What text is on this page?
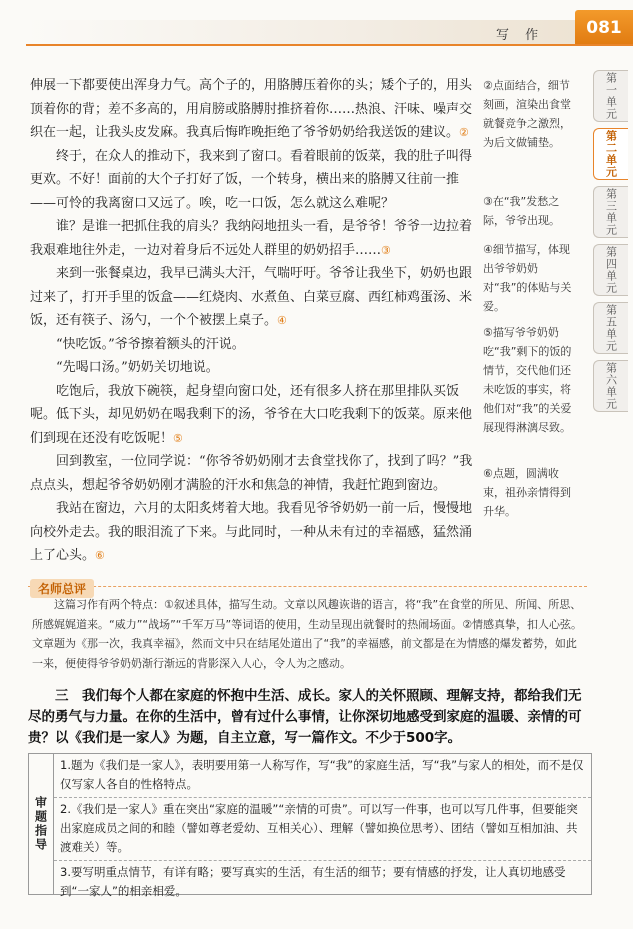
写 作	081

伸展一下都要使出浑身力气。高个子的，用胳膊压着你的头；矮个子的，用头顶着你的背；差不多高的，用肩膀或胳膊肘推挤着你……热浪、汗味、噪声交织在一起，让我头皮发麻。我真后悔昨晚拒绝了爷爷奶奶给我送饭的建议。②

终于，在众人的推动下，我来到了窗口。看着眼前的饭菜，我的肚子叫得更欢。不好！面前的大个子打好了饭，一个转身，横出来的胳膊又往前一推——可怜的我离窗口又远了。唉，吃一口饭，怎么就这么难呢？

谁？是谁一把抓住我的肩头？我纳闷地扭头一看，是爷爷！爷爷一边拉着我艰难地往外走，一边对着身后不远处人群里的奶奶招手……③

来到一张餐桌边，我早已满头大汗，气喘吁吁。爷爷让我坐下，奶奶也跟过来了，打开手里的饭盒——红烧肉、水煮鱼、白菜豆腐、西红柿鸡蛋汤、米饭，还有筷子、汤勺，一个个被摆上桌子。④

“快吃饭。”爷爷擦着额头的汗说。

“先喝口汤。”奶奶关切地说。

吃饱后，我放下碗筷，起身望向窗口处，还有很多人挤在那里排队买饭呢。低下头，却见奶奶在喝我剩下的汤，爷爷在大口吃我剩下的饭菜。原来他们到现在还没有吃饭呢！⑤

回到教室，一位同学说：“你爷爷奶奶刚才去食堂找你了，找到了吗？”我点点头，想起爷爷奶奶刚才满脸的汗水和焦急的神情，我赶忙跑到窗边。

我站在窗边，六月的太阳炙烤着大地。我看见爷爷奶奶一前一后，慢慢地向校外走去。我的眼泪流了下来。与此同时，一种从未有过的幸福感，猛然涌上了心头。⑥

②点面结合，细节刻画，渲染出食堂就餐竞争之激烈，为后文做铺垫。
③在“我”发愁之际，爷爷出现。
④细节描写，体现出爷爷奶奶对“我”的体贴与关爱。
⑤描写爷爷奶奶吃“我”剩下的饭的情节，交代他们还未吃饭的事实，将他们对“我”的关爱展现得淋漓尽致。
⑥点题，圆满收束，祖孙亲情得到升华。
第一单元
第二单元
第三单元
第四单元
第五单元
第六单元
名师总评
这篇习作有两个特点：①叙述具体，描写生动。文章以风趣诙谐的语言，将“我”在食堂的所见、所闻、所思、所感娓娓道来。“威力”“战场”“千军万马”等词语的使用，生动呈现出就餐时的热闹场面。②情感真挚，扣人心弦。文章题为《那一次，我真幸福》，然而文中只在结尾处道出了“我”的幸福感，前文都是在为情感的爆发蓄势，如此一来，便使得爷爷奶奶渐行渐远的背影深入人心，令人为之感动。
三　我们每个人都在家庭的怀抱中生活、成长。家人的关怀照顾、理解支持，都给我们无尽的勇气与力量。在你的生活中，曾有过什么事情，让你深切地感受到家庭的温暖、亲情的可贵？以《我们是一家人》为题，自主立意，写一篇作文。不少于500字。
审题指导
1.题为《我们是一家人》，表明要用第一人称写作，写“我”的家庭生活，写“我”与家人的相处，而不是仅仅写家人各自的性格特点。
2.《我们是一家人》重在突出“家庭的温暖”“亲情的可贵”。可以写一件事，也可以写几件事，但要能突出家庭成员之间的和睦（譬如尊老爱幼、互相关心）、理解（譬如换位思考）、团结（譬如互相加油、共渡难关）等。
3.要写明重点情节，有详有略；要写真实的生活，有生活的细节；要有情感的抒发，让人真切地感受到“一家人”的相亲相爱。
